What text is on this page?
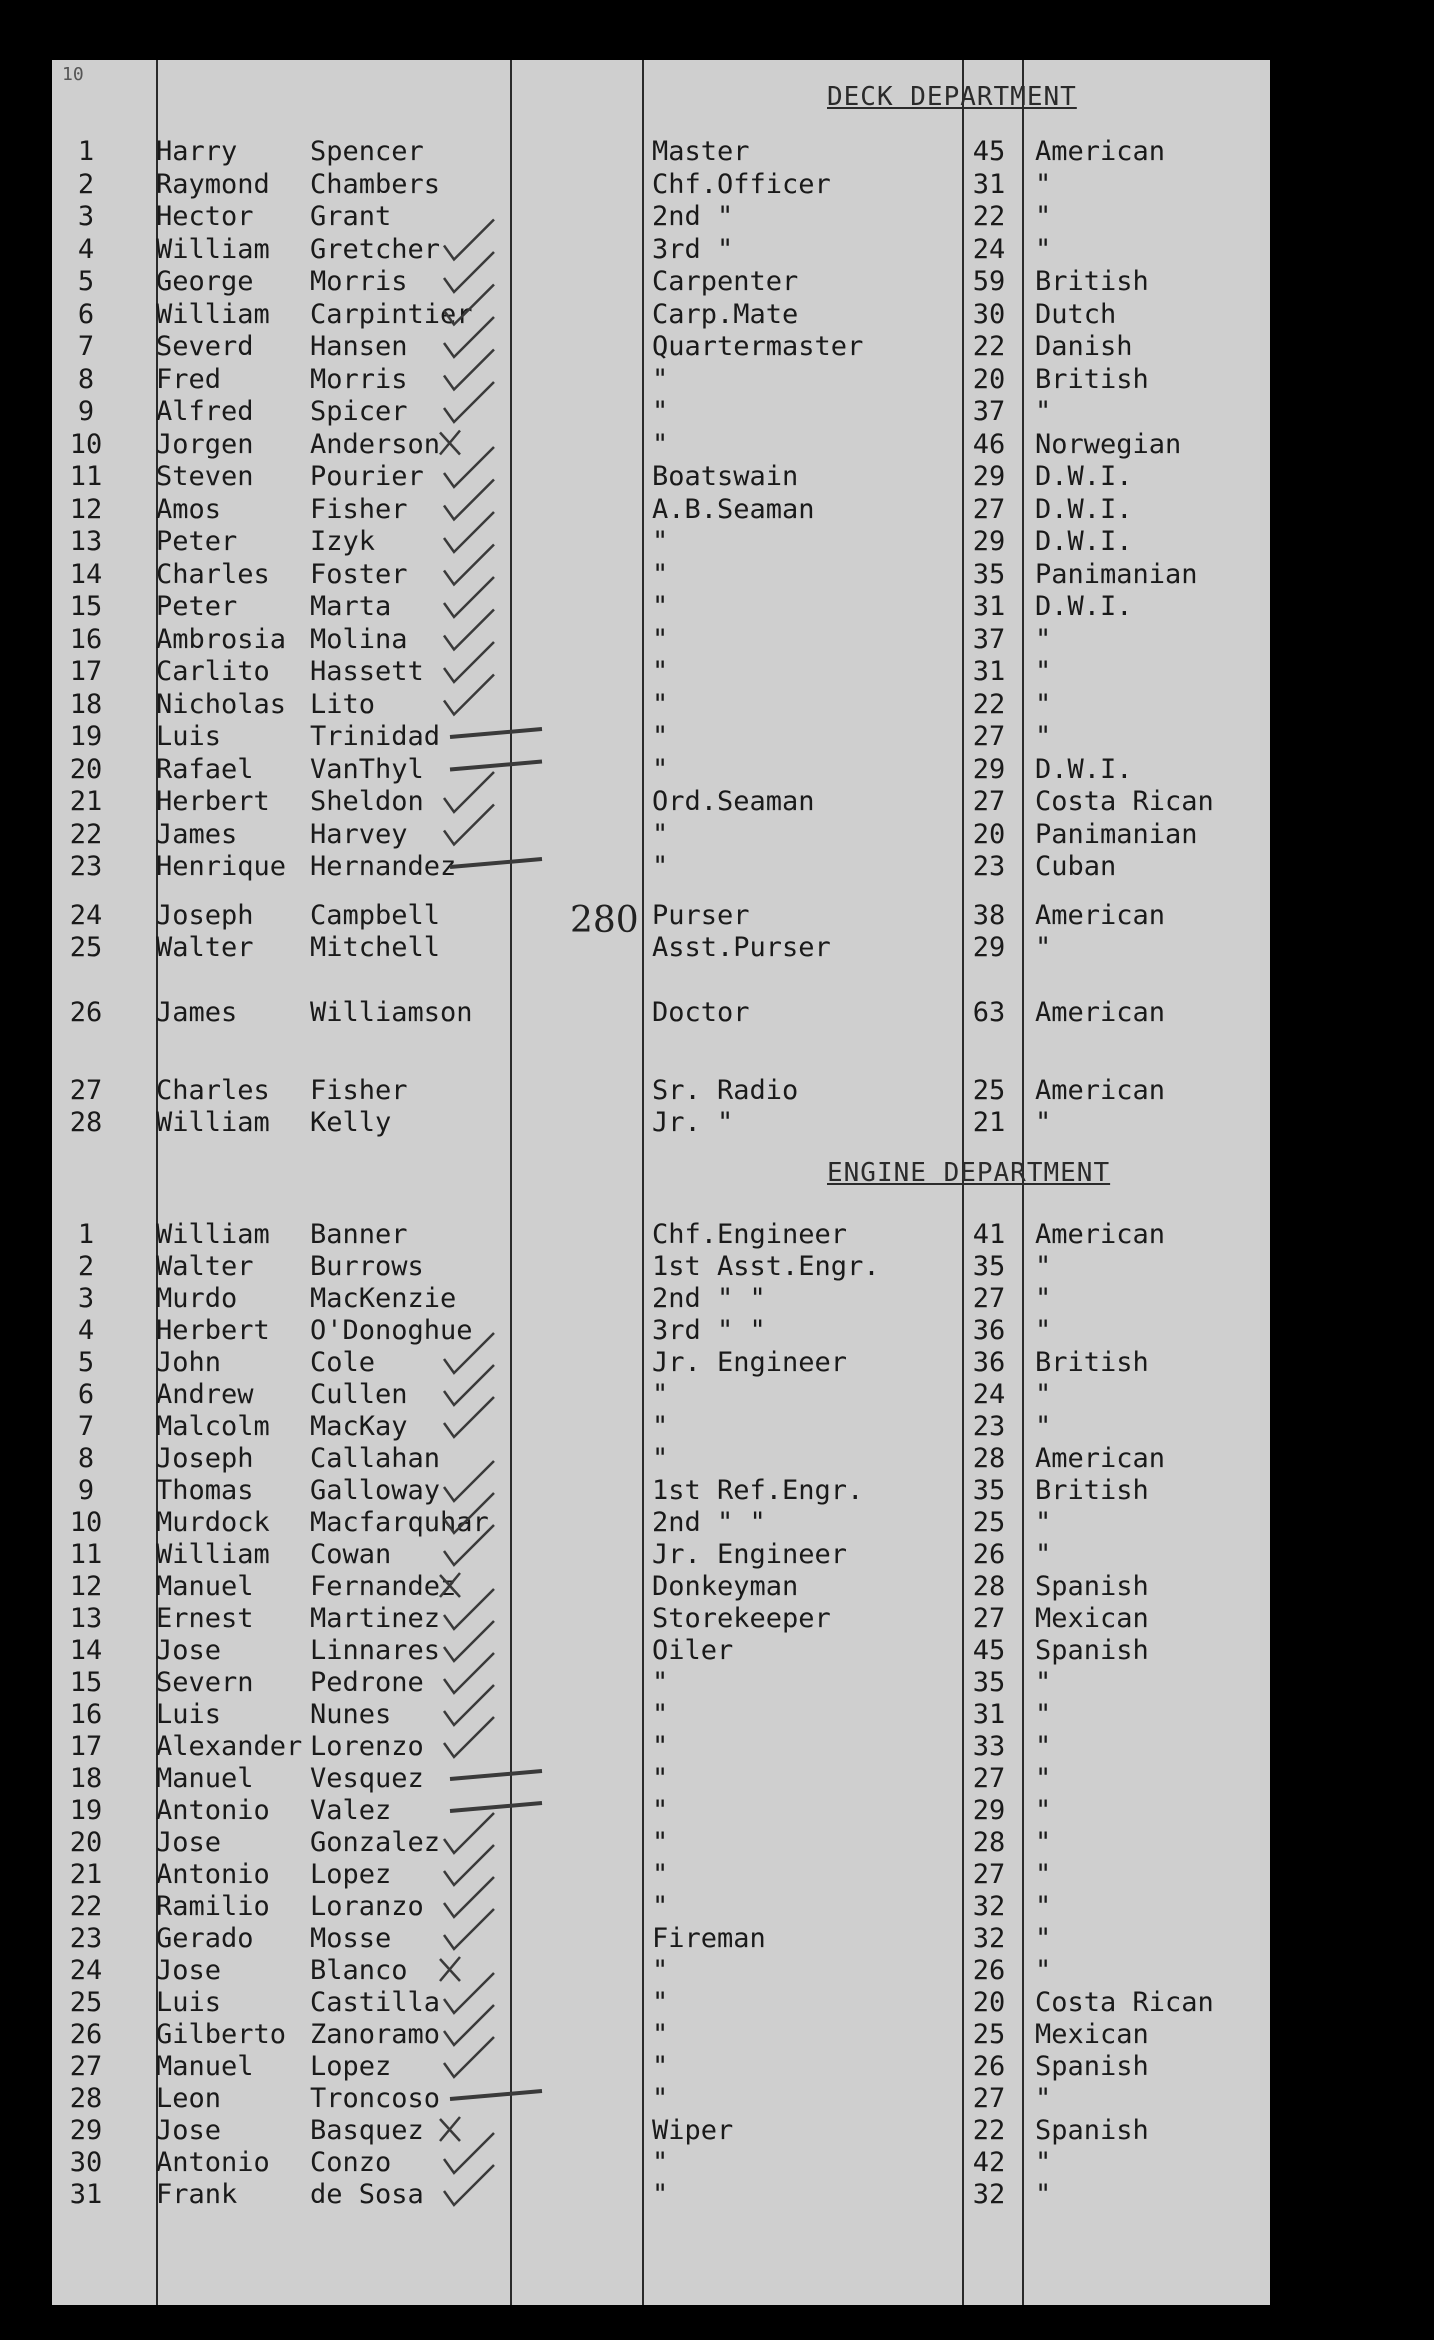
10
DECK DEPARTMENT
1	Harry	Spencer	Master	45	American
2	Raymond Chambers	Chf.Officer	31	"
3	Hector Grant	2nd "	22	"
4	William Gretcher	3rd "	24	"
5	George Morris	Carpenter	59	British
6	William Carpintier	Carp.Mate	30	Dutch
7	Severd Hansen	Quartermaster	22	Danish
8	Fred	Morris	"	20	British
9	Alfred Spicer	"	37	"
10	Jorgen Anderson	"	46	Norwegian
11	Steven Pourier	Boatswain	29	D.W.I.
12	Amos	Fisher	A.B.Seaman	27	D.W.I.
13	Peter	Izyk	"	29	D.W.I.
14	Charles Foster	"	35	Panimanian
15	Peter	Marta	"	31	D.W.I.
16	Ambrosia Molina	"	37	"
17	Carlito Hassett	"	31	"
18	Nicholas Lito	"	22	"
19	Luis	Trinidad	"	27	"
20	Rafael VanThyl	"	29	D.W.I.
21	Herbert Sheldon	Ord.Seaman	27	Costa Rican
22	James	Harvey	"	20	Panimanian
23	Henrique Hernandez	"	23	Cuban
24	Joseph Campbell	Purser	38	American
25	Walter Mitchell	Asst.Purser	29	"
26	James	Williamson	Doctor	63	American
27	Charles Fisher	Sr. Radio	25	American
28	William Kelly	Jr. "	21	"
280
ENGINE DEPARTMENT
1	William Banner	Chf.Engineer	41	American
2	Walter Burrows	1st Asst.Engr.	35	"
3	Murdo	MacKenzie	2nd " "	27	"
4	Herbert O'Donoghue	3rd " "	36	"
5	John	Cole	Jr. Engineer	36	British
6	Andrew Cullen	"	24	"
7	Malcolm MacKay	"	23	"
8	Joseph Callahan	"	28	American
9	Thomas Galloway	1st Ref.Engr.	35	British
10	Murdock Macfarquhar	2nd " "	25	"
11	William Cowan	Jr. Engineer	26	"
12	Manuel Fernandez	Donkeyman	28	Spanish
13	Ernest Martinez	Storekeeper	27	Mexican
14	Jose	Linnares	Oiler	45	Spanish
15	Severn Pedrone	"	35	"
16	Luis	Nunes	"	31	"
17	Alexander Lorenzo	"	33	"
18	Manuel Vesquez	"	27	"
19	Antonio Valez	"	29	"
20	Jose	Gonzalez	"	28	"
21	Antonio Lopez	"	27	"
22	Ramilio Loranzo	"	32	"
23	Gerado Mosse	Fireman	32	"
24	Jose	Blanco	"	26	"
25	Luis	Castilla	"	20	Costa Rican
26	Gilberto Zanoramo	"	25	Mexican
27	Manuel Lopez	"	26	Spanish
28	Leon	Troncoso	"	27	"
29	Jose	Basquez	Wiper	22	Spanish
30	Antonio Conzo	"	42	"
31	Frank	de Sosa	"	32	"
